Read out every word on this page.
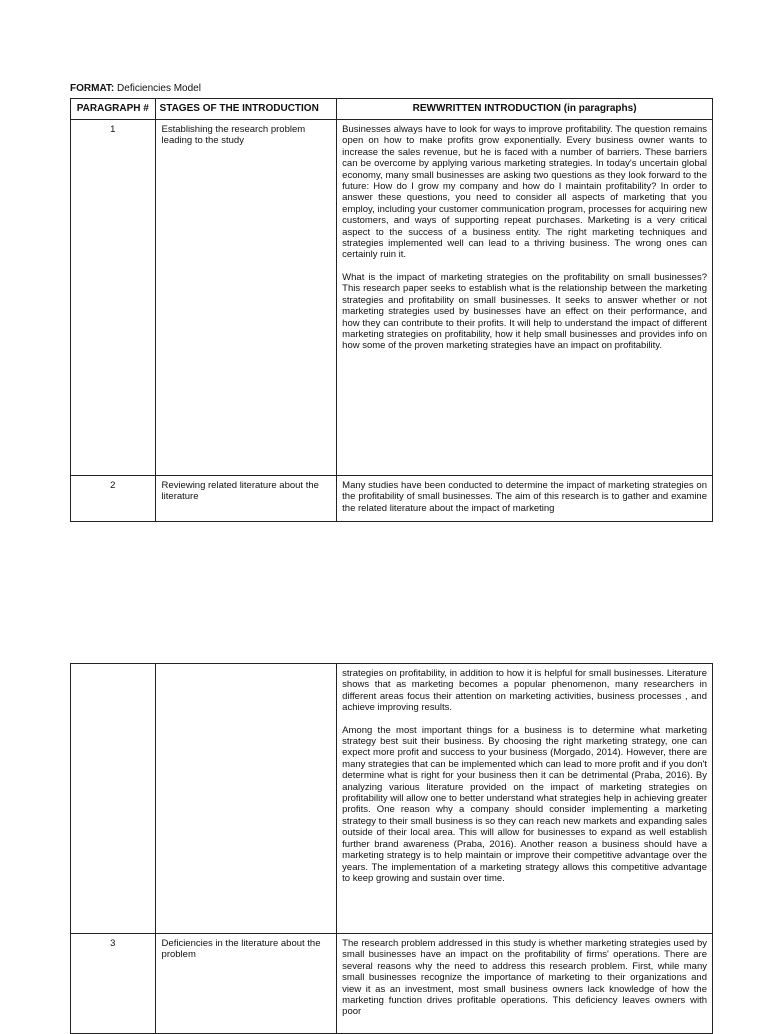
FORMAT: Deficiencies Model
PARAGRAPH #	STAGES OF THE INTRODUCTION	REWWRITTEN INTRODUCTION (in paragraphs)
1	Establishing the research problem leading to the study	Businesses always have to look for ways to improve profitability. The question remains open on how to make profits grow exponentially. Every business owner wants to increase the sales revenue, but he is faced with a number of barriers. These barriers can be overcome by applying various marketing strategies. In today's uncertain global economy, many small businesses are asking two questions as they look forward to the future: How do I grow my company and how do I maintain profitability? In order to answer these questions, you need to consider all aspects of marketing that you employ, including your customer communication program, processes for acquiring new customers, and ways of supporting repeat purchases. Marketing is a very critical aspect to the success of a business entity. The right marketing techniques and strategies implemented well can lead to a thriving business. The wrong ones can certainly ruin it.

What is the impact of marketing strategies on the profitability on small businesses? This research paper seeks to establish what is the relationship between the marketing strategies and profitability on small businesses. It seeks to answer whether or not marketing strategies used by businesses have an effect on their performance, and how they can contribute to their profits. It will help to understand the impact of different marketing strategies on profitability, how it help small businesses and provides info on how some of the proven marketing strategies have an impact on profitability.

2	Reviewing related literature about the literature	Many studies have been conducted to determine the impact of marketing strategies on the profitability of small businesses. The aim of this research is to gather and examine the related literature about the impact of marketing

		strategies on profitability, in addition to how it is helpful for small businesses. Literature shows that as marketing becomes a popular phenomenon, many researchers in different areas focus their attention on marketing activities, business processes , and achieve improving results.

Among the most important things for a business is to determine what marketing strategy best suit their business. By choosing the right marketing strategy, one can expect more profit and success to your business (Morgado, 2014). However, there are many strategies that can be implemented which can lead to more profit and if you don't determine what is right for your business then it can be detrimental (Praba, 2016). By analyzing various literature provided on the impact of marketing strategies on profitability will allow one to better understand what strategies help in achieving greater profits. One reason why a company should consider implementing a marketing strategy to their small business is so they can reach new markets and expanding sales outside of their local area. This will allow for businesses to expand as well establish further brand awareness (Praba, 2016). Another reason a business should have a marketing strategy is to help maintain or improve their competitive advantage over the years. The implementation of a marketing strategy allows this competitive advantage to keep growing and sustain over time.

3	Deficiencies in the literature about the problem	The research problem addressed in this study is whether marketing strategies used by small businesses have an impact on the profitability of firms' operations. There are several reasons why the need to address this research problem. First, while many small businesses recognize the importance of marketing to their organizations and view it as an investment, most small business owners lack knowledge of how the marketing function drives profitable operations. This deficiency leaves owners with poor
